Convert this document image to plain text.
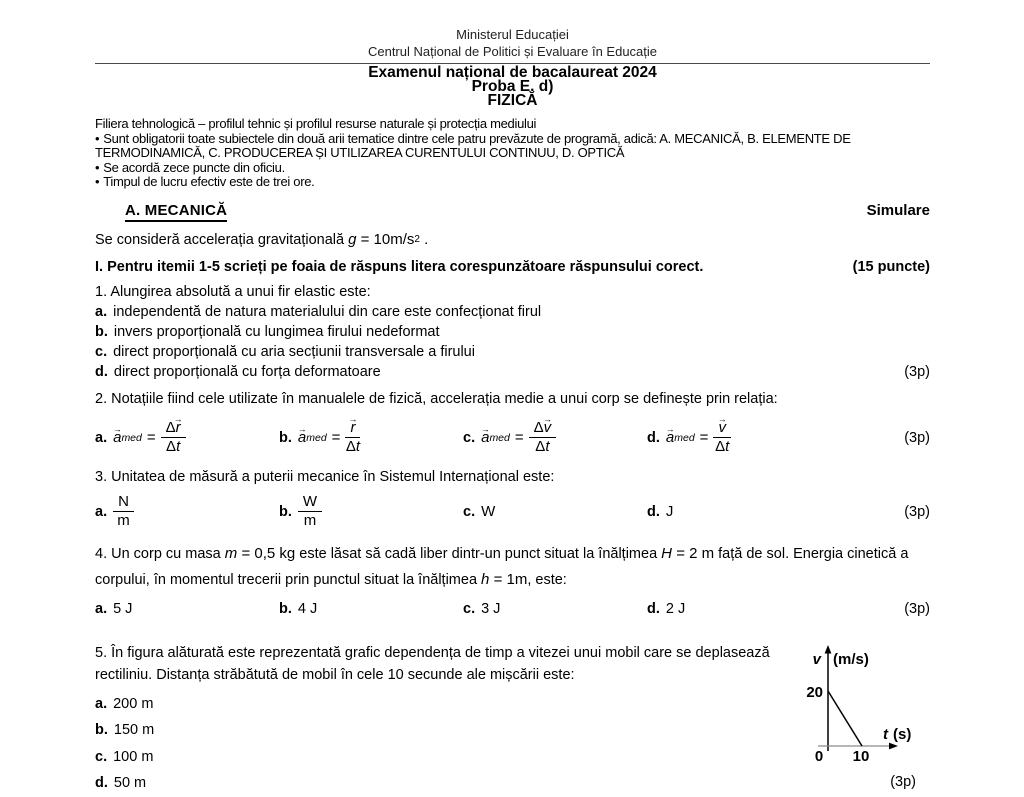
Ministerul Educației
Centrul Național de Politici și Evaluare în Educație
Examenul național de bacalaureat 2024
Proba E. d)
FIZICĂ
Filiera tehnologică – profilul tehnic și profilul resurse naturale și protecția mediului
• Sunt obligatorii toate subiectele din două arii tematice dintre cele patru prevăzute de programă, adică: A. MECANICĂ, B. ELEMENTE DE TERMODINAMICĂ, C. PRODUCEREA ȘI UTILIZAREA CURENTULUI CONTINUU, D. OPTICĂ
• Se acordă zece puncte din oficiu.
• Timpul de lucru efectiv este de trei ore.
A. MECANICĂ	Simulare
Se consideră accelerația gravitațională g
= 10m/s 2
.
I. Pentru itemii 1-5 scrieți pe foaia de răspuns litera corespunzătoare răspunsului corect.	(15 puncte)
1. Alungirea absolută a unui fir elastic este:
a. independentă de natura materialului din care este confecționat firul
b. invers proporțională cu lungimea firului nedeformat
c. direct proporțională cu aria secțiunii transversale a firului
d. direct proporțională cu forța deformatoare	(3p)
2. Notațiile fiind cele utilizate în manualele de fizică, accelerația medie a unui corp se definește prin relația:
a. a → med = $\frac{\Delta r \to}{\Delta t}$	b. a → med = $\frac{r \to}{\Delta t}$	c. a → med = $\frac{\Delta v \to}{\Delta t}$	d. a → med = $\frac{v \to}{\Delta t}$	(3p)
3. Unitatea de măsură a puterii mecanice în Sistemul Internațional este:
a. $\frac{N}{m}$	b. $\frac{W}{m}$	c. W	d. J	(3p)
4. Un corp cu masa m
= 0,5 kg este lăsat să cadă liber dintr-un punct situat la înălțimea H
= 2 m față de sol. Energia cinetică a corpului, în momentul trecerii prin punctul situat la înălțimea h
= 1m , este:
a. 5 J	b. 4 J	c. 3 J	d. 2 J	(3p)
5. În figura alăturată este reprezentată grafic dependența de timp a vitezei unui mobil care se deplasează rectiliniu. Distanța străbătută de mobil în cele 10 secunde ale mișcării este:
a. 200 m
b. 150 m
c. 100 m
d. 50 m
v (m/s)
20
t (s)
0 10
(3p)
